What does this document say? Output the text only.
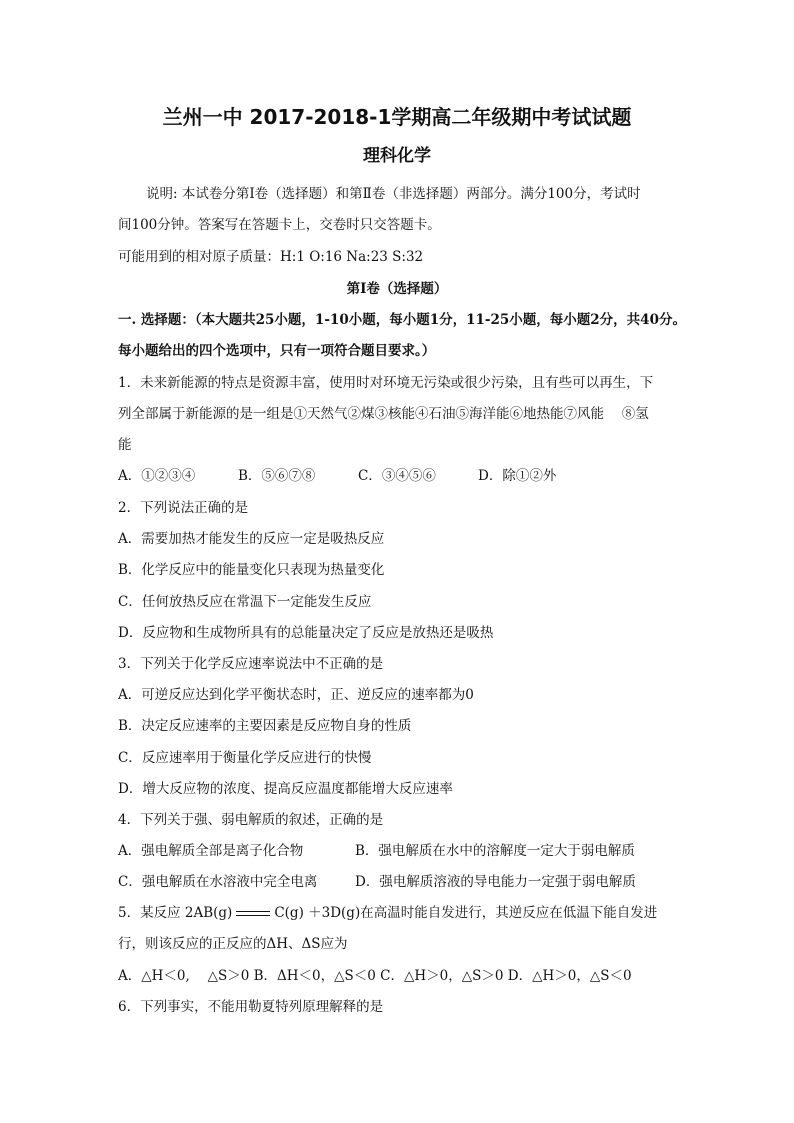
兰州一中 2017-2018-1学期高二年级期中考试试题
理科化学
说明: 本试卷分第Ⅰ卷（选择题）和第Ⅱ卷（非选择题）两部分。满分100分，考试时
间100分钟。答案写在答题卡上，交卷时只交答题卡。
可能用到的相对原子质量：H:1 O:16 Na:23 S:32
第Ⅰ卷（选择题）
一. 选择题：（本大题共25小题，1-10小题，每小题1分，11-25小题，每小题2分，共40分。
每小题给出的四个选项中，只有一项符合题目要求。）
1．未来新能源的特点是资源丰富，使用时对环境无污染或很少污染，且有些可以再生，下
列全部属于新能源的是一组是①天然气②煤③核能④石油⑤海洋能⑥地热能⑦风能　 ⑧氢
能
A．①②③④	B．⑤⑥⑦⑧	C．③④⑤⑥	D．除①②外
2．下列说法正确的是
A．需要加热才能发生的反应一定是吸热反应
B．化学反应中的能量变化只表现为热量变化
C．任何放热反应在常温下一定能发生反应
D．反应物和生成物所具有的总能量决定了反应是放热还是吸热
3．下列关于化学反应速率说法中不正确的是
A．可逆反应达到化学平衡状态时，正、逆反应的速率都为0
B．决定反应速率的主要因素是反应物自身的性质
C．反应速率用于衡量化学反应进行的快慢
D．增大反应物的浓度、提高反应温度都能增大反应速率
4．下列关于强、弱电解质的叙述，正确的是
A．强电解质全部是离子化合物	B．强电解质在水中的溶解度一定大于弱电解质
C．强电解质在水溶液中完全电离	D．强电解质溶液的导电能力一定强于弱电解质
5．某反应 2AB(g)	C(g) ＋3D(g)在高温时能自发进行，其逆反应在低温下能自发进
行，则该反应的正反应的ΔH、ΔS应为
A．△H＜0, 　△S＞0 B．ΔH＜0，△S＜0 C．△H＞0，△S＞0 D．△H＞0，△S＜0
6．下列事实，不能用勒夏特列原理解释的是
